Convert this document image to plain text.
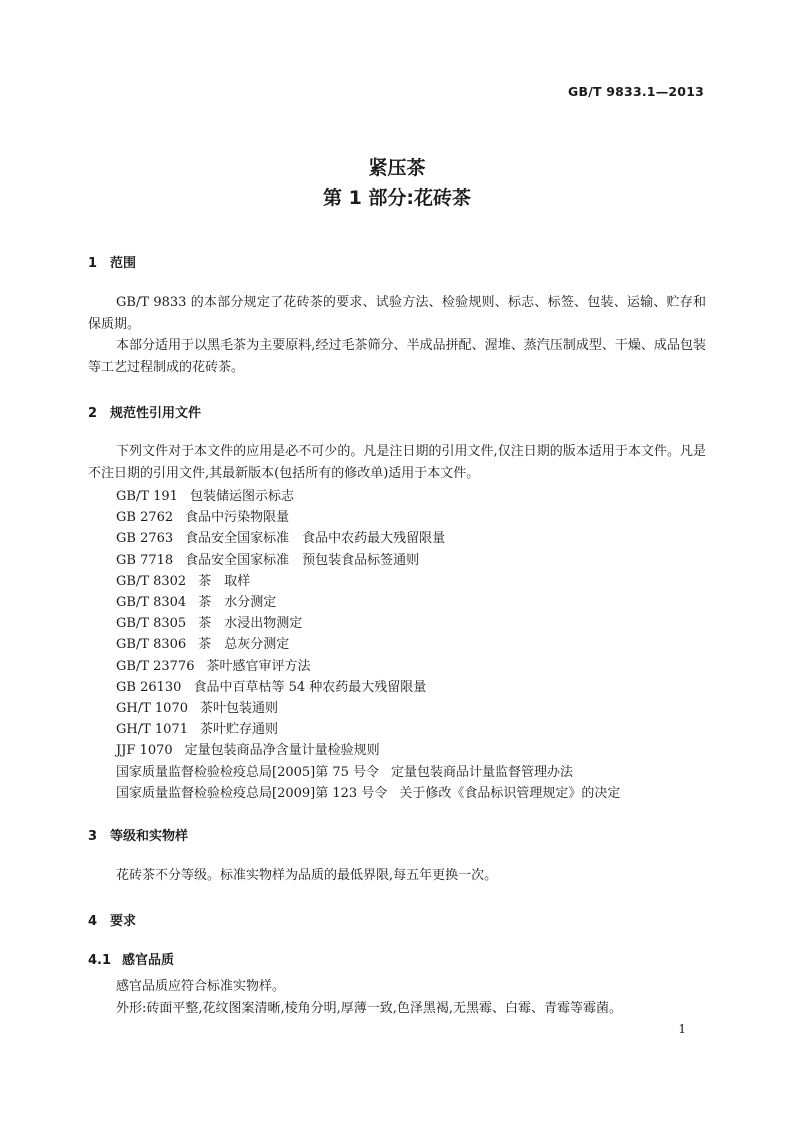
GB/T 9833.1—2013
紧压茶
第 1 部分:花砖茶
1 范围

GB/T 9833 的本部分规定了花砖茶的要求、试验方法、检验规则、标志、标签、包装、运输、贮存和保质期。

本部分适用于以黑毛茶为主要原料,经过毛茶筛分、半成品拼配、渥堆、蒸汽压制成型、干燥、成品包装等工艺过程制成的花砖茶。

2 规范性引用文件

下列文件对于本文件的应用是必不可少的。凡是注日期的引用文件,仅注日期的版本适用于本文件。凡是不注日期的引用文件,其最新版本(包括所有的修改单)适用于本文件。

GB/T 191 包装储运图示标志
GB 2762 食品中污染物限量
GB 2763 食品安全国家标准　食品中农药最大残留限量
GB 7718 食品安全国家标准　预包装食品标签通则
GB/T 8302 茶　取样
GB/T 8304 茶　水分测定
GB/T 8305 茶　水浸出物测定
GB/T 8306 茶　总灰分测定
GB/T 23776 茶叶感官审评方法
GB 26130 食品中百草枯等 54 种农药最大残留限量
GH/T 1070 茶叶包装通则
GH/T 1071 茶叶贮存通则
JJF 1070 定量包装商品净含量计量检验规则
国家质量监督检验检疫总局[2005]第 75 号令 定量包装商品计量监督管理办法
国家质量监督检验检疫总局[2009]第 123 号令 关于修改《食品标识管理规定》的决定
3 等级和实物样

花砖茶不分等级。标准实物样为品质的最低界限,每五年更换一次。

4 要求
4.1 感官品质
感官品质应符合标准实物样。
外形:砖面平整,花纹图案清晰,棱角分明,厚薄一致,色泽黑褐,无黑霉、白霉、青霉等霉菌。
1
